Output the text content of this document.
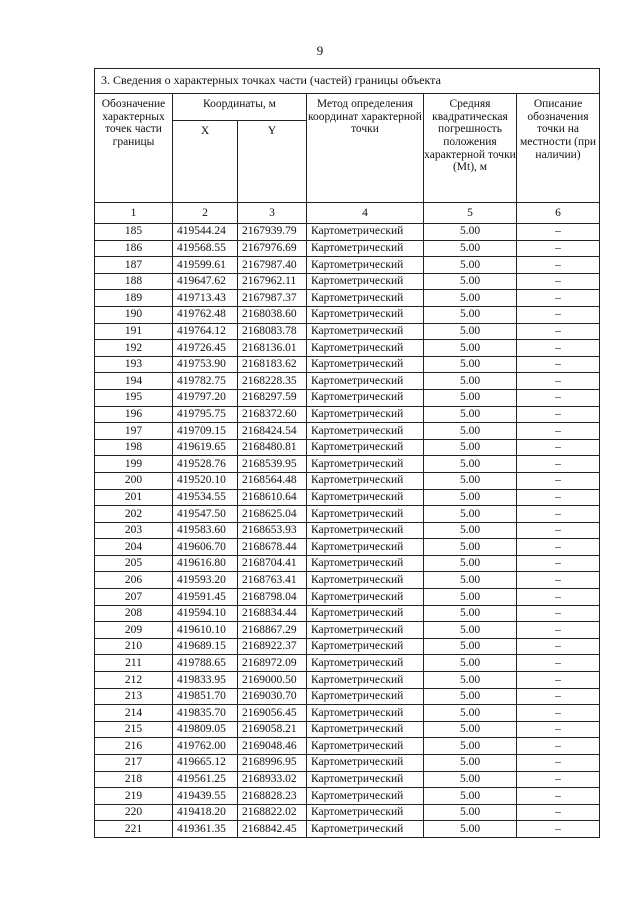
9
3. Сведения о характерных точках части (частей) границы объекта					
Обозначение характерных точек части границы	Координаты, м		Метод определения координат характерной точки	Средняя квадратическая погрешность положения характерной точки (Mt), м	Описание обозначения точки на местности (при наличии)
	X	Y			
1	2	3	4	5	6
185	419544.24	2167939.79	Картометрический	5.00	–
186	419568.55	2167976.69	Картометрический	5.00	–
187	419599.61	2167987.40	Картометрический	5.00	–
188	419647.62	2167962.11	Картометрический	5.00	–
189	419713.43	2167987.37	Картометрический	5.00	–
190	419762.48	2168038.60	Картометрический	5.00	–
191	419764.12	2168083.78	Картометрический	5.00	–
192	419726.45	2168136.01	Картометрический	5.00	–
193	419753.90	2168183.62	Картометрический	5.00	–
194	419782.75	2168228.35	Картометрический	5.00	–
195	419797.20	2168297.59	Картометрический	5.00	–
196	419795.75	2168372.60	Картометрический	5.00	–
197	419709.15	2168424.54	Картометрический	5.00	–
198	419619.65	2168480.81	Картометрический	5.00	–
199	419528.76	2168539.95	Картометрический	5.00	–
200	419520.10	2168564.48	Картометрический	5.00	–
201	419534.55	2168610.64	Картометрический	5.00	–
202	419547.50	2168625.04	Картометрический	5.00	–
203	419583.60	2168653.93	Картометрический	5.00	–
204	419606.70	2168678.44	Картометрический	5.00	–
205	419616.80	2168704.41	Картометрический	5.00	–
206	419593.20	2168763.41	Картометрический	5.00	–
207	419591.45	2168798.04	Картометрический	5.00	–
208	419594.10	2168834.44	Картометрический	5.00	–
209	419610.10	2168867.29	Картометрический	5.00	–
210	419689.15	2168922.37	Картометрический	5.00	–
211	419788.65	2168972.09	Картометрический	5.00	–
212	419833.95	2169000.50	Картометрический	5.00	–
213	419851.70	2169030.70	Картометрический	5.00	–
214	419835.70	2169056.45	Картометрический	5.00	–
215	419809.05	2169058.21	Картометрический	5.00	–
216	419762.00	2169048.46	Картометрический	5.00	–
217	419665.12	2168996.95	Картометрический	5.00	–
218	419561.25	2168933.02	Картометрический	5.00	–
219	419439.55	2168828.23	Картометрический	5.00	–
220	419418.20	2168822.02	Картометрический	5.00	–
221	419361.35	2168842.45	Картометрический	5.00	–
